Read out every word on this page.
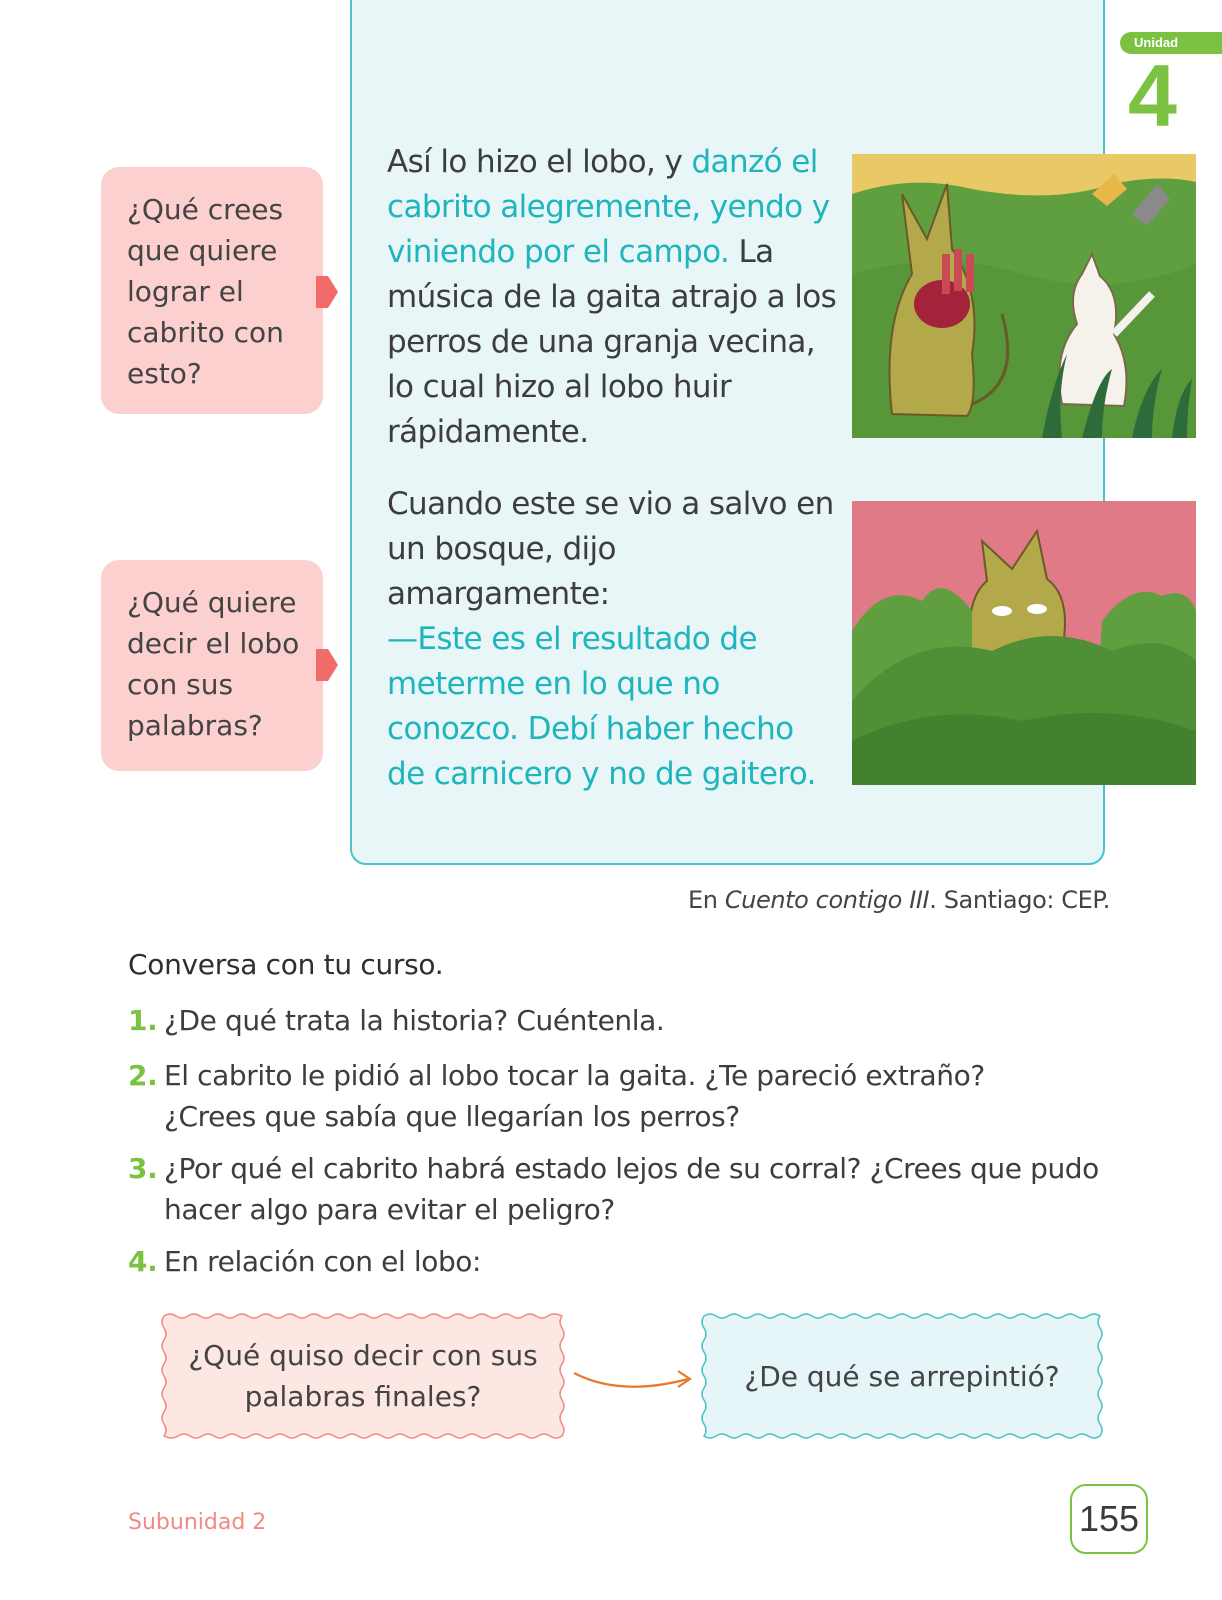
Unidad
4
Así lo hizo el lobo, y danzó el cabrito alegremente, yendo y viniendo por el campo. La música de la gaita atrajo a los perros de una granja vecina, lo cual hizo al lobo huir rápidamente.
Cuando este se vio a salvo en un bosque, dijo amargamente:
—Este es el resultado de meterme en lo que no conozco. Debí haber hecho de carnicero y no de gaitero.
¿Qué crees que quiere lograr el cabrito con esto?
¿Qué quiere decir el lobo con sus palabras?
En Cuento contigo III. Santiago: CEP.
Conversa con tu curso.
1. ¿De qué trata la historia? Cuéntenla.
2. El cabrito le pidió al lobo tocar la gaita. ¿Te pareció extraño?
¿Crees que sabía que llegarían los perros?
3. ¿Por qué el cabrito habrá estado lejos de su corral? ¿Crees que pudo
hacer algo para evitar el peligro?
4. En relación con el lobo:
¿Qué quiso decir con sus palabras finales?
¿De qué se arrepintió?
Subunidad 2	155
